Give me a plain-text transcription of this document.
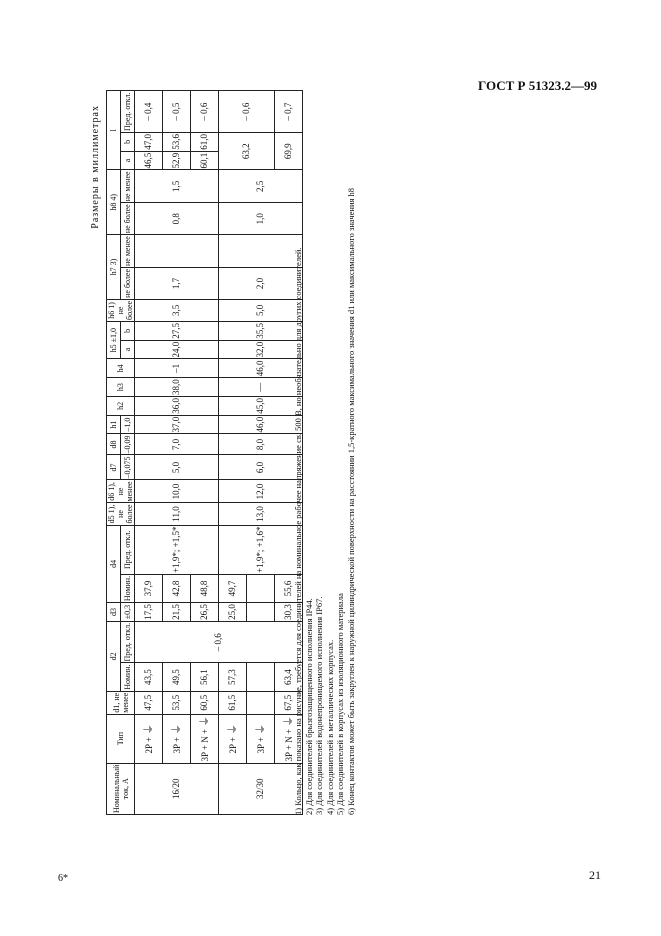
ГОСТ Р 51323.2—99
Размеры в миллиметрах
Номинальный ток, А	Тип	d1, не менее	d2		d3	d4		d5 1), не более	d6 1), не менее	d7	d8	h1	h2	h3	h4	h5 ±1,0		h6 1) не более	h7 3)		h8 4)		l		
			Номин.	Пред. откл.	±0,3	Номин.	Пред. откл.			–0,075	–0,09	–1,0				а	b		не более	не менее	не более	не менее	а	b	Пред. откл.
16/20	2P + ⏚	47,5	43,5	– 0,6	17,5	37,9	+1,9*; +1,5*	11,0	10,0	5,0	7,0	37,0	36,0	38,0	–1	24,0	27,5	3,5	1,7		0,8	1,5	46,5	47,0	– 0,4
	3P + ⏚	53,5	49,5		21,5	42,8																	52,9	53,6	– 0,5
	3P + N + ⏚	60,5	56,1		26,5	48,8																	60,1	61,0	– 0,6
32/30	2P + ⏚	61,5	57,3		25,0	49,7	+1,9*; +1,6*	13,0	12,0	6,0	8,0	46,0	45,0	—	46,0	32,0	35,5	5,0	2,0		1,0	2,5	63,2		– 0,6
	3P + ⏚																								
	3P + N + ⏚	67,5	63,4		30,3	55,6																	69,9		– 0,7
1) Кольцо, как показано на рисунке, требуется для соединителей на номинальное рабочее напряжение св. 500 В, но необязательно для других соединителей. 2) Для соединителей брызгозащищенного исполнения IP44. 3) Для соединителей водонепроницаемого исполнения IP67. 4) Для соединителей в металлических корпусах. 5) Для соединителей в корпусах из изоляционного материала 6) Конец контактов может быть закруглен к наружной цилиндрической поверхности на расстоянии 1,5-кратного максимального значения d1 или максимального значения h8
6*	21
